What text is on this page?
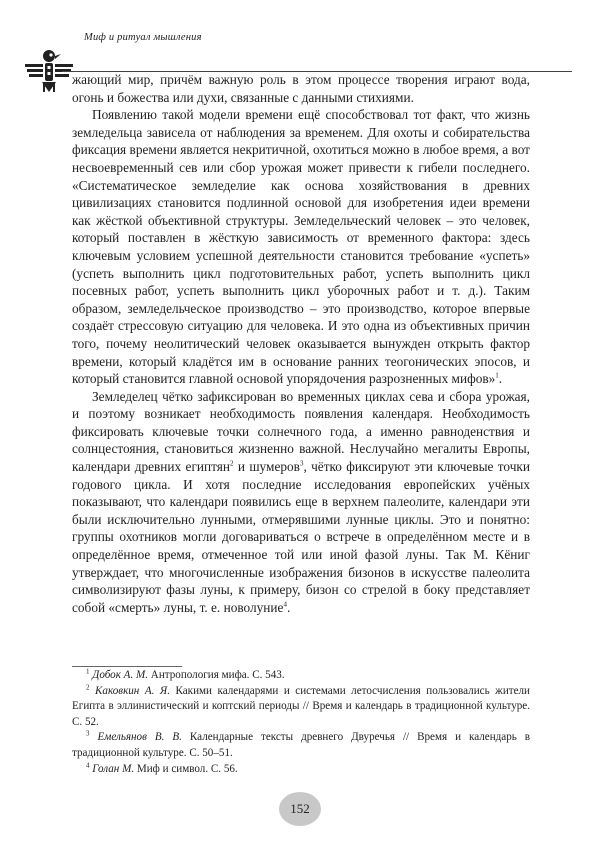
Миф и ритуал мышления

жающий мир, причём важную роль в этом процессе творения играют вода, огонь и божества или духи, связанные с данными стихиями.

Появлению такой модели времени ещё способствовал тот факт, что жизнь земледельца зависела от наблюдения за временем. Для охоты и собирательства фиксация времени является некритичной, охотиться можно в любое время, а вот несвоевременный сев или сбор урожая может привести к гибели последнего. «Систематическое земледелие как основа хозяйствования в древних цивилизациях становится подлинной основой для изобретения идеи времени как жёсткой объективной структуры. Земледельческий человек – это человек, который поставлен в жёсткую зависимость от временного фактора: здесь ключевым условием успешной деятельности становится требование «успеть» (успеть выполнить цикл подготовительных работ, успеть выполнить цикл посевных работ, успеть выполнить цикл уборочных работ и т. д.). Таким образом, земледельческое производство – это производство, которое впервые создаёт стрессовую ситуацию для человека. И это одна из объективных причин того, почему неолитический человек оказывается вынужден открыть фактор времени, который кладётся им в основание ранних теогонических эпосов, и который становится главной основой упорядочения разрозненных мифов»$^1$.

Земледелец чётко зафиксирован во временных циклах сева и сбора урожая, и поэтому возникает необходимость появления календаря. Необходимость фиксировать ключевые точки солнечного года, а именно равноденствия и солнцестояния, становиться жизненно важной. Неслучайно мегалиты Европы, календари древних египтян$^2$ и шумеров$^3$, чётко фиксируют эти ключевые точки годового цикла. И хотя последние исследования европейских учёных показывают, что календари появились еще в верхнем палеолите, календари эти были исключительно лунными, отмерявшими лунные циклы. Это и понятно: группы охотников могли договариваться о встрече в определённом месте и в определённое время, отмеченное той или иной фазой луны. Так М. Кёниг утверждает, что многочисленные изображения бизонов в искусстве палеолита символизируют фазы луны, к примеру, бизон со стрелой в боку представляет собой «смерть» луны, т. е. новолуние$^4$.

$^1$ Добок А. М. Антропология мифа. С. 543.

$^2$ Каковкин А. Я. Какими календарями и системами летосчисления пользовались жители Египта в эллинистический и коптский периоды // Время и календарь в традиционной культуре. С. 52.

$^3$ Емельянов В. В. Календарные тексты древнего Двуречья // Время и календарь в традиционной культуре. С. 50–51.

$^4$ Голан М. Миф и символ. С. 56.

152
